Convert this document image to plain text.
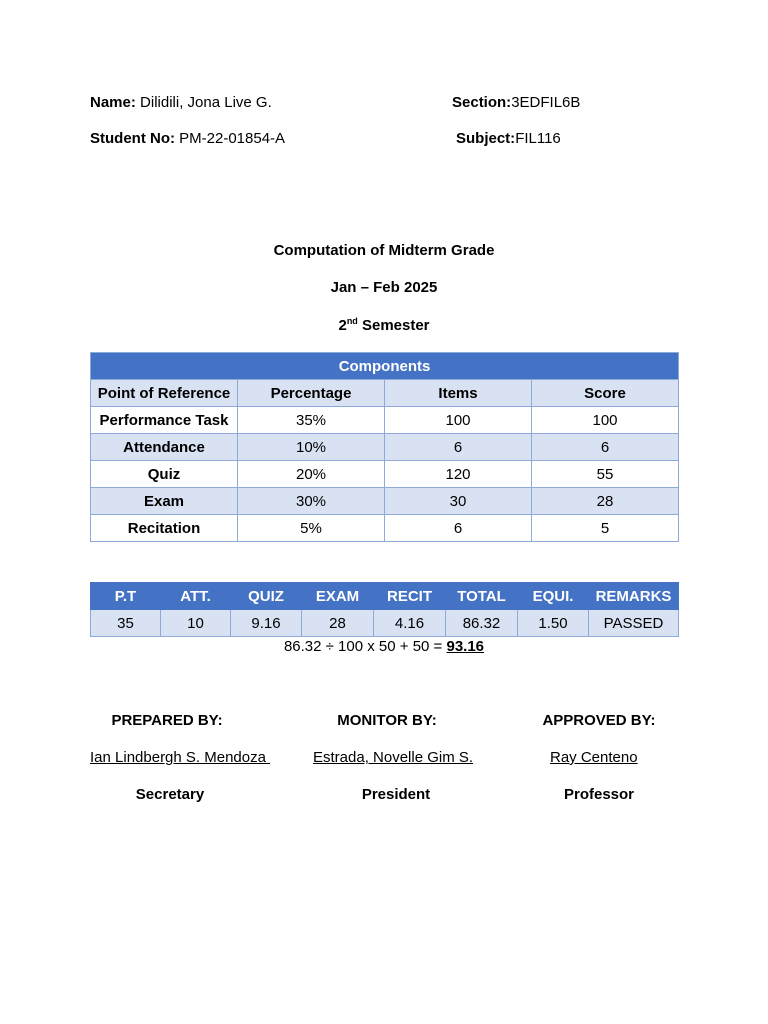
Name: Dilidili, Jona Live G.	Section:3EDFIL6B
Student No: PM-22-01854-A	Subject:FIL116
Computation of Midterm Grade
Jan – Feb 2025
2nd Semester
Components			
Point of Reference	Percentage	Items	Score
Performance Task	35%	100	100
Attendance	10%	6	6
Quiz	20%	120	55
Exam	30%	30	28
Recitation	5%	6	5
P.T	ATT.	QUIZ	EXAM	RECIT	TOTAL	EQUI.	REMARKS
35	10	9.16	28	4.16	86.32	1.50	PASSED
86.32 ÷ 100 x 50 + 50 = 93.16
PREPARED BY:	MONITOR BY:	APPROVED BY:
Ian Lindbergh S. Mendoza	Estrada, Novelle Gim S.	Ray Centeno
Secretary	President	Professor
